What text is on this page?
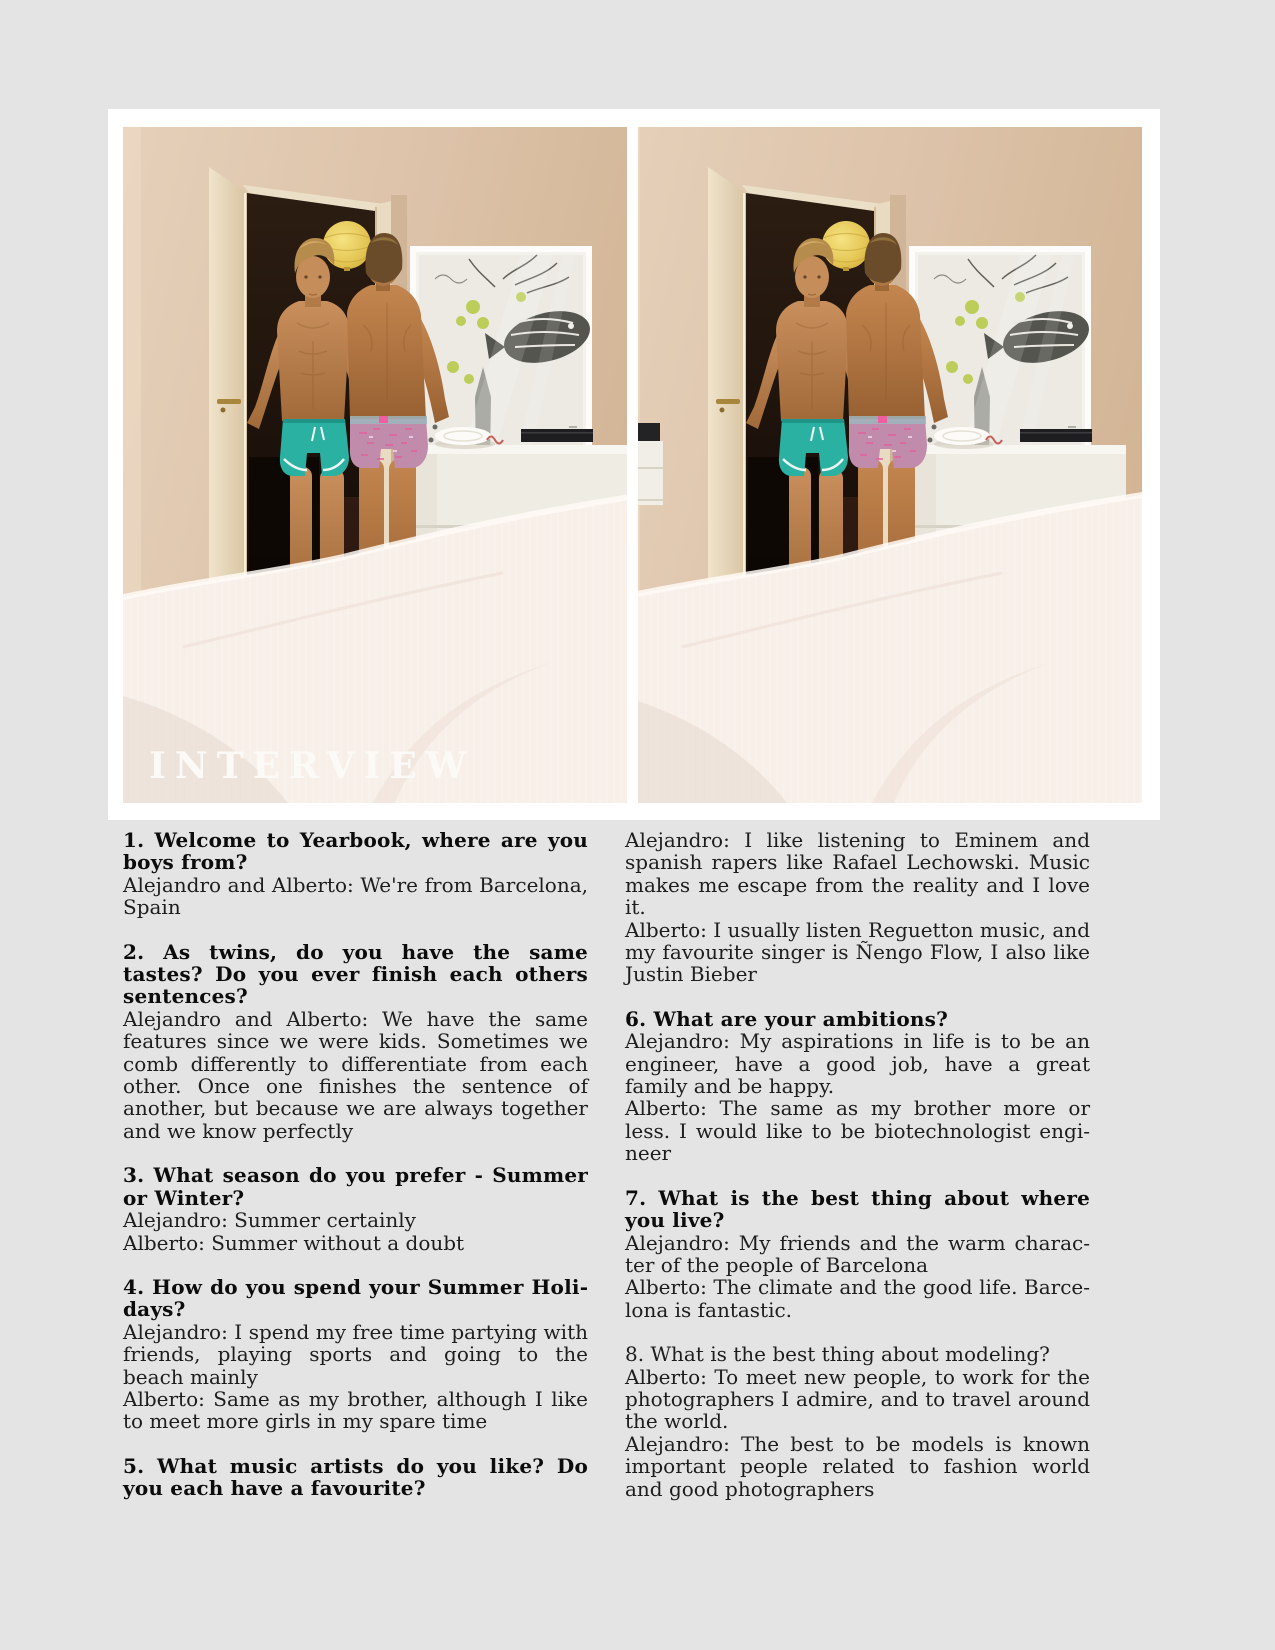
INTERVIEW

1. Welcome to Yearbook, where are you boys from?

Alejandro and Alberto: We're from Barcelona, Spain

2. As twins, do you have the same tastes? Do you ever finish each others sentences?

Alejandro and Alberto: We have the same features since we were kids. Sometimes we comb differently to differentiate from each other. Once one finishes the sentence of another, but because we are always together and we know perfectly

3. What season do you prefer - Summer or Winter?

Alejandro: Summer certainly

Alberto: Summer without a doubt

4. How do you spend your Summer Holidays?

Alejandro: I spend my free time partying with friends, playing sports and going to the beach mainly

Alberto: Same as my brother, although I like to meet more girls in my spare time

5. What music artists do you like? Do you each have a favourite?

Alejandro: I like listening to Eminem and spanish rapers like Rafael Lechowski. Music makes me escape from the reality and I love it.

Alberto: I usually listen Reguetton music, and my favourite singer is Ñengo Flow, I also like Justin Bieber

6. What are your ambitions?

Alejandro: My aspirations in life is to be an engineer, have a good job, have a great family and be happy.

Alberto: The same as my brother more or less. I would like to be biotechnologist engineer

7. What is the best thing about where you live?

Alejandro: My friends and the warm character of the people of Barcelona

Alberto: The climate and the good life. Barcelona is fantastic.

8. What is the best thing about modeling?

Alberto: To meet new people, to work for the photographers I admire, and to travel around the world.

Alejandro: The best to be models is known important people related to fashion world and good photographers
